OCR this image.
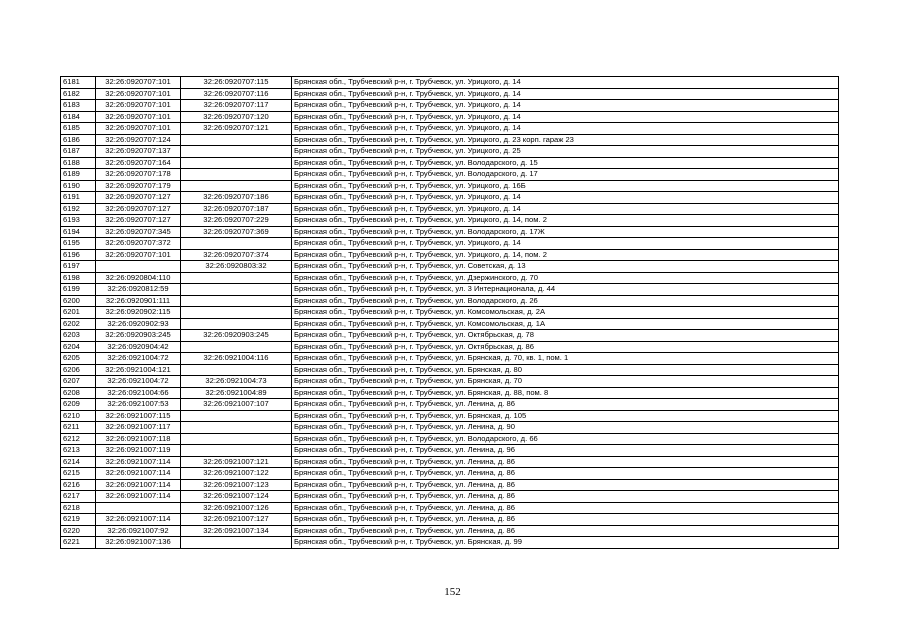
6181	32:26:0920707:101	32:26:0920707:115	Брянская обл., Трубчевский р-н, г. Трубчевск, ул. Урицкого, д. 14
6182	32:26:0920707:101	32:26:0920707:116	Брянская обл., Трубчевский р-н, г. Трубчевск, ул. Урицкого, д. 14
6183	32:26:0920707:101	32:26:0920707:117	Брянская обл., Трубчевский р-н, г. Трубчевск, ул. Урицкого, д. 14
6184	32:26:0920707:101	32:26:0920707:120	Брянская обл., Трубчевский р-н, г. Трубчевск, ул. Урицкого, д. 14
6185	32:26:0920707:101	32:26:0920707:121	Брянская обл., Трубчевский р-н, г. Трубчевск, ул. Урицкого, д. 14
6186	32:26:0920707:124		Брянская обл., Трубчевский р-н, г. Трубчевск, ул. Урицкого, д. 23 корп. гараж 23
6187	32:26:0920707:137		Брянская обл., Трубчевский р-н, г. Трубчевск, ул. Урицкого, д. 25
6188	32:26:0920707:164		Брянская обл., Трубчевский р-н, г. Трубчевск, ул. Володарского, д. 15
6189	32:26:0920707:178		Брянская обл., Трубчевский р-н, г. Трубчевск, ул. Володарского, д. 17
6190	32:26:0920707:179		Брянская обл., Трубчевский р-н, г. Трубчевск, ул. Урицкого, д. 16Б
6191	32:26:0920707:127	32:26:0920707:186	Брянская обл., Трубчевский р-н, г. Трубчевск, ул. Урицкого, д. 14
6192	32:26:0920707:127	32:26:0920707:187	Брянская обл., Трубчевский р-н, г. Трубчевск, ул. Урицкого, д. 14
6193	32:26:0920707:127	32:26:0920707:229	Брянская обл., Трубчевский р-н, г. Трубчевск, ул. Урицкого, д. 14, пом. 2
6194	32:26:0920707:345	32:26:0920707:369	Брянская обл., Трубчевский р-н, г. Трубчевск, ул. Володарского, д. 17Ж
6195	32:26:0920707:372		Брянская обл., Трубчевский р-н, г. Трубчевск, ул. Урицкого, д. 14
6196	32:26:0920707:101	32:26:0920707:374	Брянская обл., Трубчевский р-н, г. Трубчевск, ул. Урицкого, д. 14, пом. 2
6197		32:26:0920803:32	Брянская обл., Трубчевский р-н, г. Трубчевск, ул. Советская, д. 13
6198	32:26:0920804:110		Брянская обл., Трубчевский р-н, г. Трубчевск, ул. Дзержинского, д. 70
6199	32:26:0920812:59		Брянская обл., Трубчевский р-н, г. Трубчевск, ул. 3 Интернационала, д. 44
6200	32:26:0920901:111		Брянская обл., Трубчевский р-н, г. Трубчевск, ул. Володарского, д. 26
6201	32:26:0920902:115		Брянская обл., Трубчевский р-н, г. Трубчевск, ул. Комсомольская, д. 2А
6202	32:26:0920902:93		Брянская обл., Трубчевский р-н, г. Трубчевск, ул. Комсомольская, д. 1А
6203	32:26:0920903:245	32:26:0920903:245	Брянская обл., Трубчевский р-н, г. Трубчевск, ул. Октябрьская, д. 78
6204	32:26:0920904:42		Брянская обл., Трубчевский р-н, г. Трубчевск, ул. Октябрьская, д. 86
6205	32:26:0921004:72	32:26:0921004:116	Брянская обл., Трубчевский р-н, г. Трубчевск, ул. Брянская, д. 70, кв. 1, пом. 1
6206	32:26:0921004:121		Брянская обл., Трубчевский р-н, г. Трубчевск, ул. Брянская, д. 80
6207	32:26:0921004:72	32:26:0921004:73	Брянская обл., Трубчевский р-н, г. Трубчевск, ул. Брянская, д. 70
6208	32:26:0921004:66	32:26:0921004:89	Брянская обл., Трубчевский р-н, г. Трубчевск, ул. Брянская, д. 88, пом. 8
6209	32:26:0921007:53	32:26:0921007:107	Брянская обл., Трубчевский р-н, г. Трубчевск, ул. Ленина, д. 86
6210	32:26:0921007:115		Брянская обл., Трубчевский р-н, г. Трубчевск, ул. Брянская, д. 105
6211	32:26:0921007:117		Брянская обл., Трубчевский р-н, г. Трубчевск, ул. Ленина, д. 90
6212	32:26:0921007:118		Брянская обл., Трубчевский р-н, г. Трубчевск, ул. Володарского, д. 66
6213	32:26:0921007:119		Брянская обл., Трубчевский р-н, г. Трубчевск, ул. Ленина, д. 96
6214	32:26:0921007:114	32:26:0921007:121	Брянская обл., Трубчевский р-н, г. Трубчевск, ул. Ленина, д. 86
6215	32:26:0921007:114	32:26:0921007:122	Брянская обл., Трубчевский р-н, г. Трубчевск, ул. Ленина, д. 86
6216	32:26:0921007:114	32:26:0921007:123	Брянская обл., Трубчевский р-н, г. Трубчевск, ул. Ленина, д. 86
6217	32:26:0921007:114	32:26:0921007:124	Брянская обл., Трубчевский р-н, г. Трубчевск, ул. Ленина, д. 86
6218		32:26:0921007:126	Брянская обл., Трубчевский р-н, г. Трубчевск, ул. Ленина, д. 86
6219	32:26:0921007:114	32:26:0921007:127	Брянская обл., Трубчевский р-н, г. Трубчевск, ул. Ленина, д. 86
6220	32:26:0921007:92	32:26:0921007:134	Брянская обл., Трубчевский р-н, г. Трубчевск, ул. Ленина, д. 86
6221	32:26:0921007:136		Брянская обл., Трубчевский р-н, г. Трубчевск, ул. Брянская, д. 99
152
